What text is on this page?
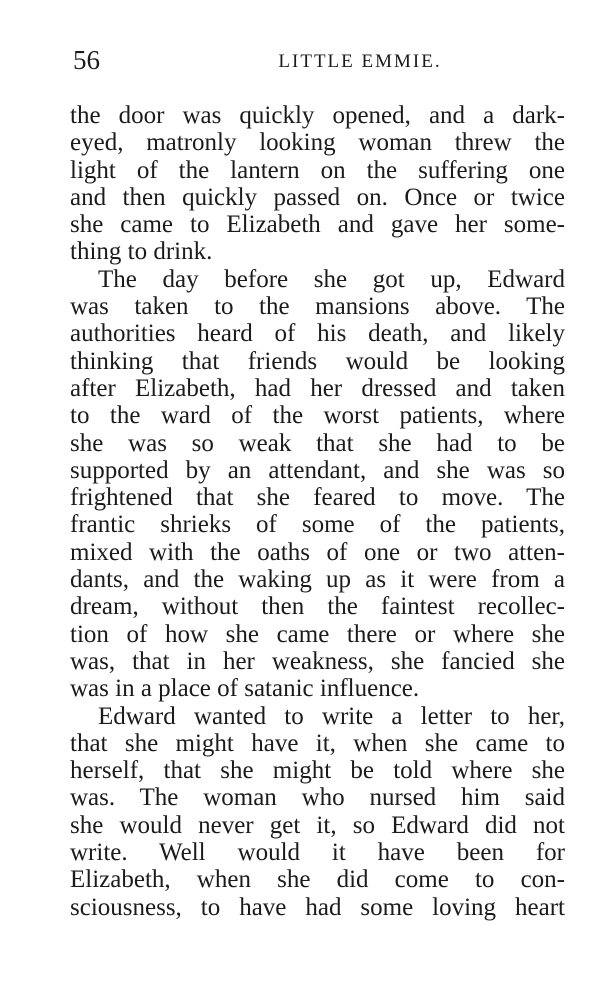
56	LITTLE EMMIE.
the door was quickly opened, and a dark-
eyed, matronly looking woman threw the
light of the lantern on the suffering one
and then quickly passed on. Once or twice
she came to Elizabeth and gave her some-
thing to drink.
The day before she got up, Edward
was taken to the mansions above. The
authorities heard of his death, and likely
thinking that friends would be looking
after Elizabeth, had her dressed and taken
to the ward of the worst patients, where
she was so weak that she had to be
supported by an attendant, and she was so
frightened that she feared to move. The
frantic shrieks of some of the patients,
mixed with the oaths of one or two atten-
dants, and the waking up as it were from a
dream, without then the faintest recollec-
tion of how she came there or where she
was, that in her weakness, she fancied she
was in a place of satanic influence.
Edward wanted to write a letter to her,
that she might have it, when she came to
herself, that she might be told where she
was. The woman who nursed him said
she would never get it, so Edward did not
write. Well would it have been for
Elizabeth, when she did come to con-
sciousness, to have had some loving heart
